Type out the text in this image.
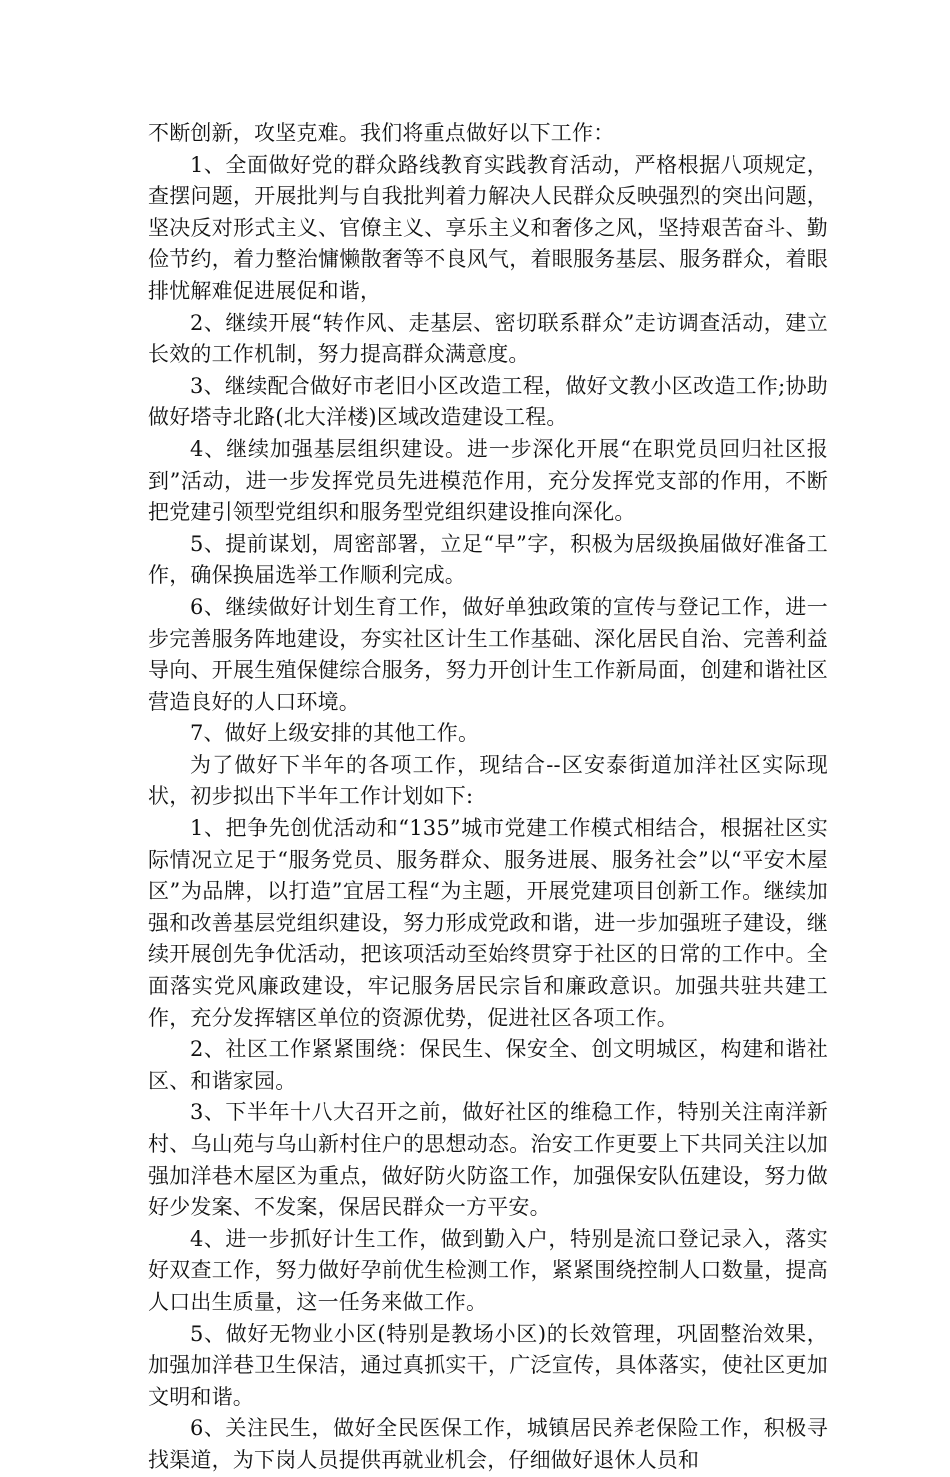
不断创新，攻坚克难。我们将重点做好以下工作：

1、全面做好党的群众路线教育实践教育活动，严格根据八项规定，查摆问题，开展批判与自我批判着力解决人民群众反映强烈的突出问题，坚决反对形式主义、官僚主义、享乐主义和奢侈之风，坚持艰苦奋斗、勤俭节约，着力整治慵懒散奢等不良风气，着眼服务基层、服务群众，着眼排忧解难促进展促和谐，

2、继续开展“转作风、走基层、密切联系群众”走访调查活动，建立长效的工作机制，努力提高群众满意度。

3、继续配合做好市老旧小区改造工程，做好文教小区改造工作;协助做好塔寺北路(北大洋楼)区域改造建设工程。

4、继续加强基层组织建设。进一步深化开展“在职党员回归社区报到”活动，进一步发挥党员先进模范作用，充分发挥党支部的作用，不断把党建引领型党组织和服务型党组织建设推向深化。

5、提前谋划，周密部署，立足“早”字，积极为居级换届做好准备工作，确保换届选举工作顺利完成。

6、继续做好计划生育工作，做好单独政策的宣传与登记工作，进一步完善服务阵地建设，夯实社区计生工作基础、深化居民自治、完善利益导向、开展生殖保健综合服务，努力开创计生工作新局面，创建和谐社区营造良好的人口环境。

7、做好上级安排的其他工作。

为了做好下半年的各项工作，现结合--区安泰街道加洋社区实际现状，初步拟出下半年工作计划如下:

1、把争先创优活动和“135”城市党建工作模式相结合，根据社区实际情况立足于“服务党员、服务群众、服务进展、服务社会”以“平安木屋区”为品牌，以打造”宜居工程“为主题，开展党建项目创新工作。继续加强和改善基层党组织建设，努力形成党政和谐，进一步加强班子建设，继续开展创先争优活动，把该项活动至始终贯穿于社区的日常的工作中。全面落实党风廉政建设，牢记服务居民宗旨和廉政意识。加强共驻共建工作，充分发挥辖区单位的资源优势，促进社区各项工作。

2、社区工作紧紧围绕：保民生、保安全、创文明城区，构建和谐社区、和谐家园。

3、下半年十八大召开之前，做好社区的维稳工作，特别关注南洋新村、乌山苑与乌山新村住户的思想动态。治安工作更要上下共同关注以加强加洋巷木屋区为重点，做好防火防盗工作，加强保安队伍建设，努力做好少发案、不发案，保居民群众一方平安。

4、进一步抓好计生工作，做到勤入户，特别是流口登记录入，落实好双查工作，努力做好孕前优生检测工作，紧紧围绕控制人口数量，提高人口出生质量，这一任务来做工作。

5、做好无物业小区(特别是教场小区)的长效管理，巩固整治效果，加强加洋巷卫生保洁，通过真抓实干，广泛宣传，具体落实，使社区更加文明和谐。

6、关注民生，做好全民医保工作，城镇居民养老保险工作，积极寻找渠道，为下岗人员提供再就业机会，仔细做好退休人员和
